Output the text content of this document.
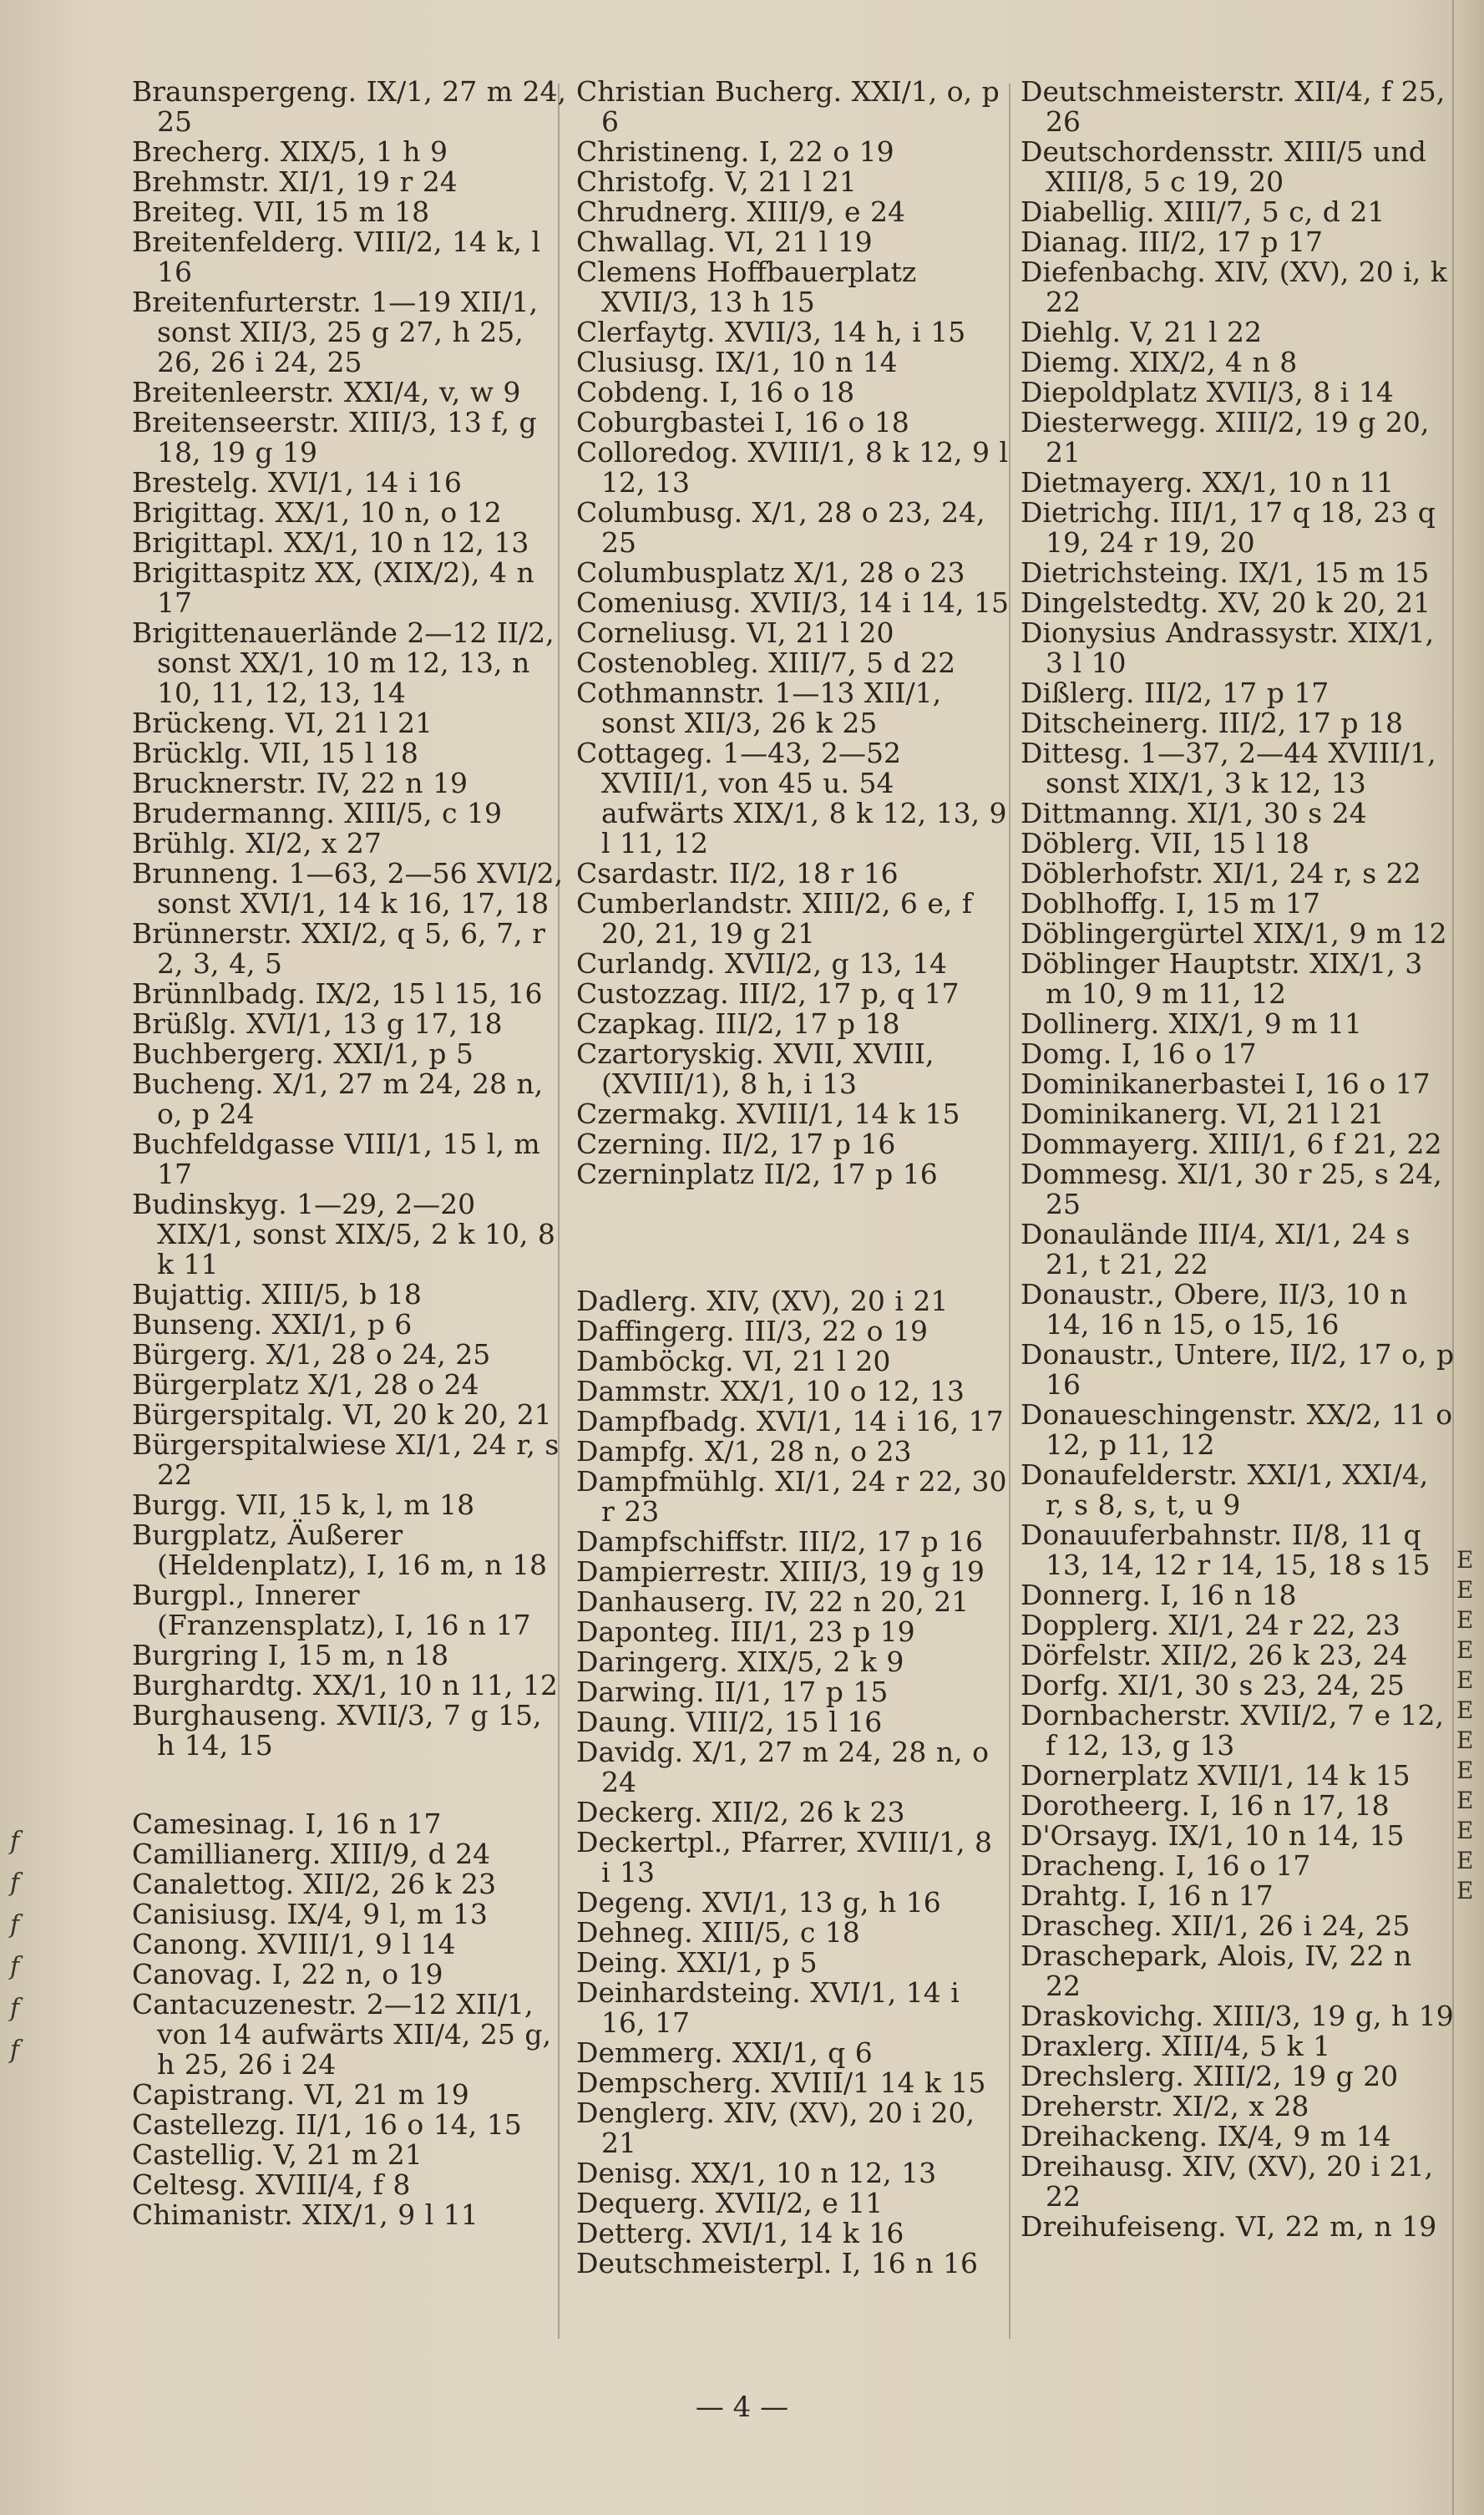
Braunspergeng. IX/1, 27 m 24, 25

Brecherg. XIX/5, 1 h 9

Brehmstr. XI/1, 19 r 24

Breiteg. VII, 15 m 18

Breitenfelderg. VIII/2, 14 k, l 16

Breitenfurterstr. 1—19 XII/1, sonst XII/3, 25 g 27, h 25, 26, 26 i 24, 25

Breitenleerstr. XXI/4, v, w 9

Breitenseerstr. XIII/3, 13 f, g 18, 19 g 19

Brestelg. XVI/1, 14 i 16

Brigittag. XX/1, 10 n, o 12

Brigittapl. XX/1, 10 n 12, 13

Brigittaspitz XX, (XIX/2), 4 n 17

Brigittenauerlände 2—12 II/2, sonst XX/1, 10 m 12, 13, n 10, 11, 12, 13, 14

Brückeng. VI, 21 l 21

Brücklg. VII, 15 l 18

Brucknerstr. IV, 22 n 19

Brudermanng. XIII/5, c 19

Brühlg. XI/2, x 27

Brunneng. 1—63, 2—56 XVI/2, sonst XVI/1, 14 k 16, 17, 18

Brünnerstr. XXI/2, q 5, 6, 7, r 2, 3, 4, 5

Brünnlbadg. IX/2, 15 l 15, 16

Brüßlg. XVI/1, 13 g 17, 18

Buchbergerg. XXI/1, p 5

Bucheng. X/1, 27 m 24, 28 n, o, p 24

Buchfeldgasse VIII/1, 15 l, m 17

Budinskyg. 1—29, 2—20 XIX/1, sonst XIX/5, 2 k 10, 8 k 11

Bujattig. XIII/5, b 18

Bunseng. XXI/1, p 6

Bürgerg. X/1, 28 o 24, 25

Bürgerplatz X/1, 28 o 24

Bürgerspitalg. VI, 20 k 20, 21

Bürgerspitalwiese XI/1, 24 r, s 22

Burgg. VII, 15 k, l, m 18

Burgplatz, Äußerer (Heldenplatz), I, 16 m, n 18

Burgpl., Innerer (Franzensplatz), I, 16 n 17

Burgring I, 15 m, n 18

Burghardtg. XX/1, 10 n 11, 12

Burghauseng. XVII/3, 7 g 15, h 14, 15

Camesinag. I, 16 n 17

Camillianerg. XIII/9, d 24

Canalettog. XII/2, 26 k 23

Canisiusg. IX/4, 9 l, m 13

Canong. XVIII/1, 9 l 14

Canovag. I, 22 n, o 19

Cantacuzenestr. 2—12 XII/1, von 14 aufwärts XII/4, 25 g, h 25, 26 i 24

Capistrang. VI, 21 m 19

Castellezg. II/1, 16 o 14, 15

Castellig. V, 21 m 21

Celtesg. XVIII/4, f 8

Chimanistr. XIX/1, 9 l 11

Christian Bucherg. XXI/1, o, p 6

Christineng. I, 22 o 19

Christofg. V, 21 l 21

Chrudnerg. XIII/9, e 24

Chwallag. VI, 21 l 19

Clemens Hoffbauerplatz XVII/3, 13 h 15

Clerfaytg. XVII/3, 14 h, i 15

Clusiusg. IX/1, 10 n 14

Cobdeng. I, 16 o 18

Coburgbastei I, 16 o 18

Colloredog. XVIII/1, 8 k 12, 9 l 12, 13

Columbusg. X/1, 28 o 23, 24, 25

Columbusplatz X/1, 28 o 23

Comeniusg. XVII/3, 14 i 14, 15

Corneliusg. VI, 21 l 20

Costenobleg. XIII/7, 5 d 22

Cothmannstr. 1—13 XII/1, sonst XII/3, 26 k 25

Cottageg. 1—43, 2—52 XVIII/1, von 45 u. 54 aufwärts XIX/1, 8 k 12, 13, 9 l 11, 12

Csardastr. II/2, 18 r 16

Cumberlandstr. XIII/2, 6 e, f 20, 21, 19 g 21

Curlandg. XVII/2, g 13, 14

Custozzag. III/2, 17 p, q 17

Czapkag. III/2, 17 p 18

Czartoryskig. XVII, XVIII, (XVIII/1), 8 h, i 13

Czermakg. XVIII/1, 14 k 15

Czerning. II/2, 17 p 16

Czerninplatz II/2, 17 p 16

Dadlerg. XIV, (XV), 20 i 21

Daffingerg. III/3, 22 o 19

Damböckg. VI, 21 l 20

Dammstr. XX/1, 10 o 12, 13

Dampfbadg. XVI/1, 14 i 16, 17

Dampfg. X/1, 28 n, o 23

Dampfmühlg. XI/1, 24 r 22, 30 r 23

Dampfschiffstr. III/2, 17 p 16

Dampierrestr. XIII/3, 19 g 19

Danhauserg. IV, 22 n 20, 21

Daponteg. III/1, 23 p 19

Daringerg. XIX/5, 2 k 9

Darwing. II/1, 17 p 15

Daung. VIII/2, 15 l 16

Davidg. X/1, 27 m 24, 28 n, o 24

Deckerg. XII/2, 26 k 23

Deckertpl., Pfarrer, XVIII/1, 8 i 13

Degeng. XVI/1, 13 g, h 16

Dehneg. XIII/5, c 18

Deing. XXI/1, p 5

Deinhardsteing. XVI/1, 14 i 16, 17

Demmerg. XXI/1, q 6

Dempscherg. XVIII/1 14 k 15

Denglerg. XIV, (XV), 20 i 20, 21

Denisg. XX/1, 10 n 12, 13

Dequerg. XVII/2, e 11

Detterg. XVI/1, 14 k 16

Deutschmeisterpl. I, 16 n 16

Deutschmeisterstr. XII/4, f 25, 26

Deutschordensstr. XIII/5 und XIII/8, 5 c 19, 20

Diabellig. XIII/7, 5 c, d 21

Dianag. III/2, 17 p 17

Diefenbachg. XIV, (XV), 20 i, k 22

Diehlg. V, 21 l 22

Diemg. XIX/2, 4 n 8

Diepoldplatz XVII/3, 8 i 14

Diesterwegg. XIII/2, 19 g 20, 21

Dietmayerg. XX/1, 10 n 11

Dietrichg. III/1, 17 q 18, 23 q 19, 24 r 19, 20

Dietrichsteing. IX/1, 15 m 15

Dingelstedtg. XV, 20 k 20, 21

Dionysius Andrassystr. XIX/1, 3 l 10

Dißlerg. III/2, 17 p 17

Ditscheinerg. III/2, 17 p 18

Dittesg. 1—37, 2—44 XVIII/1, sonst XIX/1, 3 k 12, 13

Dittmanng. XI/1, 30 s 24

Döblerg. VII, 15 l 18

Döblerhofstr. XI/1, 24 r, s 22

Doblhoffg. I, 15 m 17

Döblingergürtel XIX/1, 9 m 12

Döblinger Hauptstr. XIX/1, 3 m 10, 9 m 11, 12

Dollinerg. XIX/1, 9 m 11

Domg. I, 16 o 17

Dominikanerbastei I, 16 o 17

Dominikanerg. VI, 21 l 21

Dommayerg. XIII/1, 6 f 21, 22

Dommesg. XI/1, 30 r 25, s 24, 25

Donaulände III/4, XI/1, 24 s 21, t 21, 22

Donaustr., Obere, II/3, 10 n 14, 16 n 15, o 15, 16

Donaustr., Untere, II/2, 17 o, p 16

Donaueschingenstr. XX/2, 11 o 12, p 11, 12

Donaufelderstr. XXI/1, XXI/4, r, s 8, s, t, u 9

Donauuferbahnstr. II/8, 11 q 13, 14, 12 r 14, 15, 18 s 15

Donnerg. I, 16 n 18

Dopplerg. XI/1, 24 r 22, 23

Dörfelstr. XII/2, 26 k 23, 24

Dorfg. XI/1, 30 s 23, 24, 25

Dornbacherstr. XVII/2, 7 e 12, f 12, 13, g 13

Dornerplatz XVII/1, 14 k 15

Dorotheerg. I, 16 n 17, 18

D'Orsayg. IX/1, 10 n 14, 15

Dracheng. I, 16 o 17

Drahtg. I, 16 n 17

Drascheg. XII/1, 26 i 24, 25

Draschepark, Alois, IV, 22 n 22

Draskovichg. XIII/3, 19 g, h 19

Draxlerg. XIII/4, 5 k 1

Drechslerg. XIII/2, 19 g 20

Dreherstr. XI/2, x 28

Dreihackeng. IX/4, 9 m 14

Dreihausg. XIV, (XV), 20 i 21, 22

Dreihufeiseng. VI, 22 m, n 19

E E E E E E E E E E E E
f f f f f f
— 4 —
